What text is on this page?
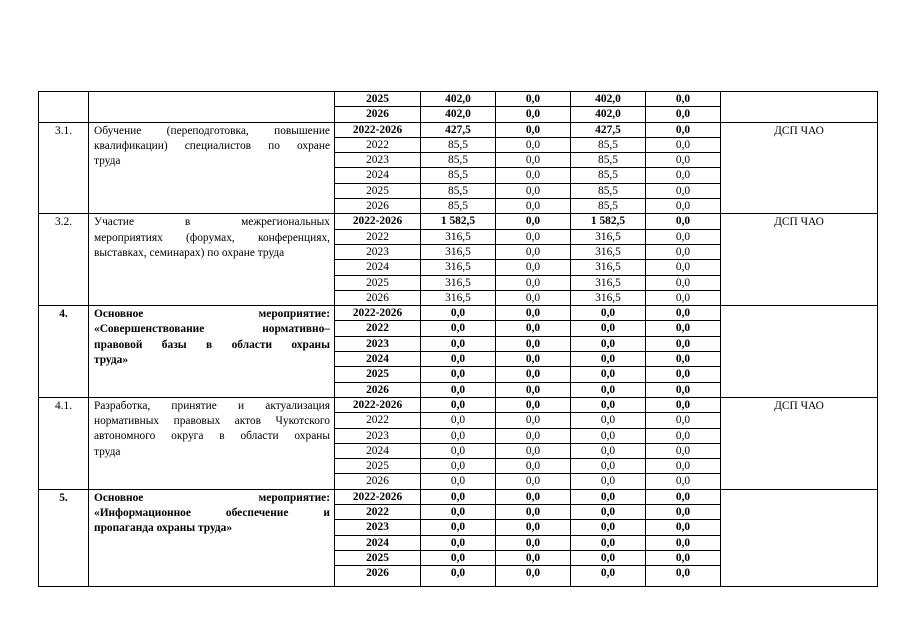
		2025	402,0	0,0	402,0	0,0	
		2026	402,0	0,0	402,0	0,0	
3.1.	Обучение (переподготовка, повышение
квалификации) специалистов по охране
труда	2022-2026	427,5	0,0	427,5	0,0	ДСП ЧАО
		2022	85,5	0,0	85,5	0,0	
		2023	85,5	0,0	85,5	0,0	
		2024	85,5	0,0	85,5	0,0	
		2025	85,5	0,0	85,5	0,0	
		2026	85,5	0,0	85,5	0,0	
3.2.	Участие в межрегиональных
мероприятиях (форумах, конференциях,
выставках, семинарах) по охране труда	2022-2026	1 582,5	0,0	1 582,5	0,0	ДСП ЧАО
		2022	316,5	0,0	316,5	0,0	
		2023	316,5	0,0	316,5	0,0	
		2024	316,5	0,0	316,5	0,0	
		2025	316,5	0,0	316,5	0,0	
		2026	316,5	0,0	316,5	0,0	
4.	Основное мероприятие:
«Совершенствование нормативно–
правовой базы в области охраны
труда»	2022-2026	0,0	0,0	0,0	0,0	
		2022	0,0	0,0	0,0	0,0	
		2023	0,0	0,0	0,0	0,0	
		2024	0,0	0,0	0,0	0,0	
		2025	0,0	0,0	0,0	0,0	
		2026	0,0	0,0	0,0	0,0	
4.1.	Разработка, принятие и актуализация
нормативных правовых актов Чукотского
автономного округа в области охраны
труда	2022-2026	0,0	0,0	0,0	0,0	ДСП ЧАО
		2022	0,0	0,0	0,0	0,0	
		2023	0,0	0,0	0,0	0,0	
		2024	0,0	0,0	0,0	0,0	
		2025	0,0	0,0	0,0	0,0	
		2026	0,0	0,0	0,0	0,0	
5.	Основное мероприятие:
«Информационное обеспечение и
пропаганда охраны труда»	2022-2026	0,0	0,0	0,0	0,0	
		2022	0,0	0,0	0,0	0,0	
		2023	0,0	0,0	0,0	0,0	
		2024	0,0	0,0	0,0	0,0	
		2025	0,0	0,0	0,0	0,0	
		2026	0,0	0,0	0,0	0,0	
